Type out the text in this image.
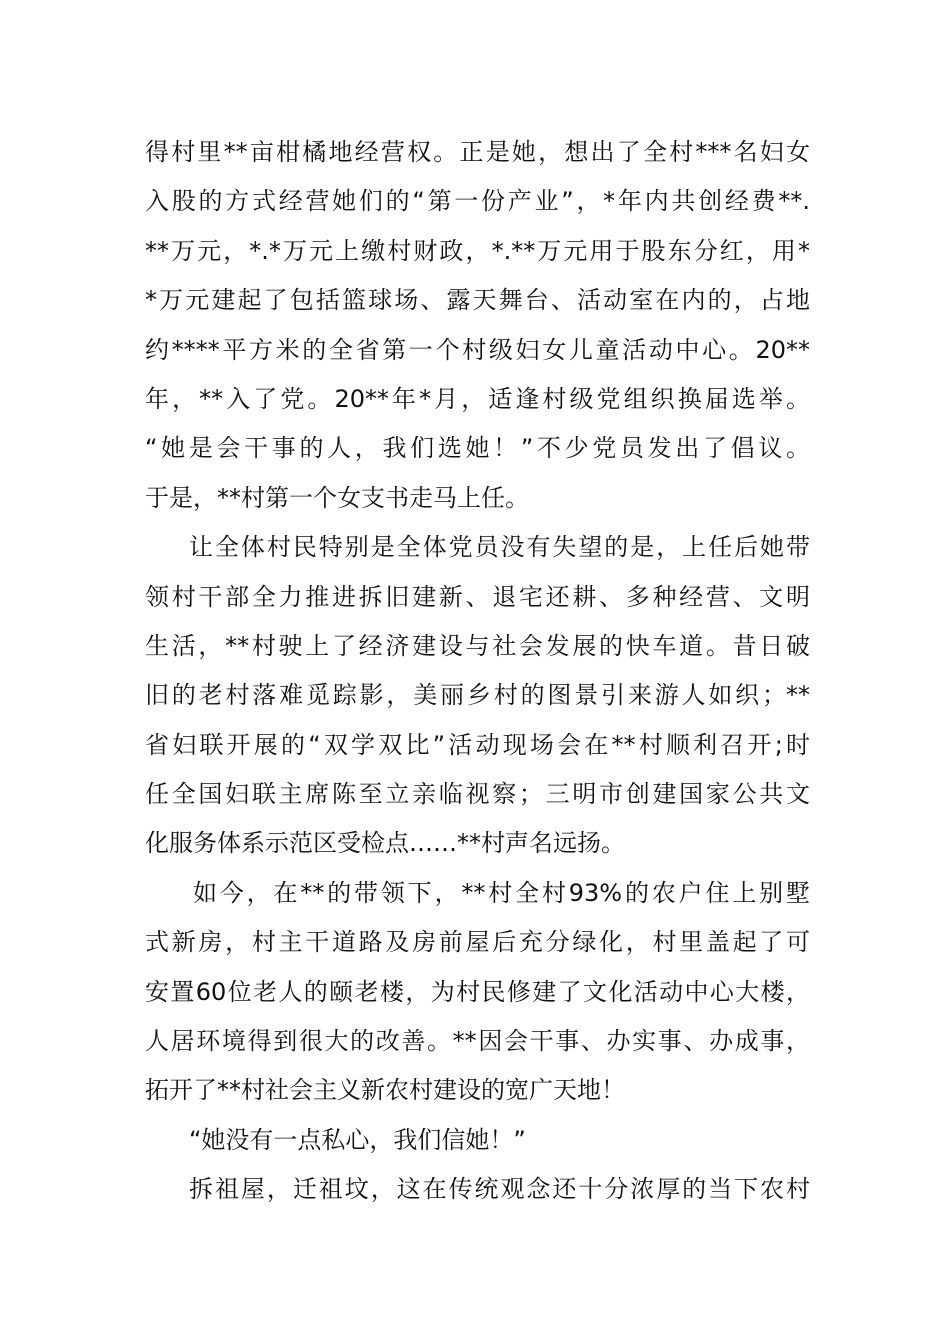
得村里**亩柑橘地经营权。正是她，想出了全村***名妇女
入股的方式经营她们的“第一份产业”，*年内共创经费**.
**万元，*.*万元上缴村财政，*.**万元用于股东分红，用*
*万元建起了包括篮球场、露天舞台、活动室在内的，占地
约****平方米的全省第一个村级妇女儿童活动中心。20**
年，**入了党。20**年*月，适逢村级党组织换届选举。
“她是会干事的人，我们选她！”不少党员发出了倡议。
于是，**村第一个女支书走马上任。
让全体村民特别是全体党员没有失望的是，上任后她带
领村干部全力推进拆旧建新、退宅还耕、多种经营、文明
生活，**村驶上了经济建设与社会发展的快车道。昔日破
旧的老村落难觅踪影，美丽乡村的图景引来游人如织；**
省妇联开展的“双学双比”活动现场会在**村顺利召开;时
任全国妇联主席陈至立亲临视察；三明市创建国家公共文
化服务体系示范区受检点……**村声名远扬。
如今，在**的带领下，**村全村93%的农户住上别墅
式新房，村主干道路及房前屋后充分绿化，村里盖起了可
安置60位老人的颐老楼，为村民修建了文化活动中心大楼，
人居环境得到很大的改善。**因会干事、办实事、办成事，
拓开了**村社会主义新农村建设的宽广天地！
“她没有一点私心，我们信她！”
拆祖屋，迁祖坟，这在传统观念还十分浓厚的当下农村
